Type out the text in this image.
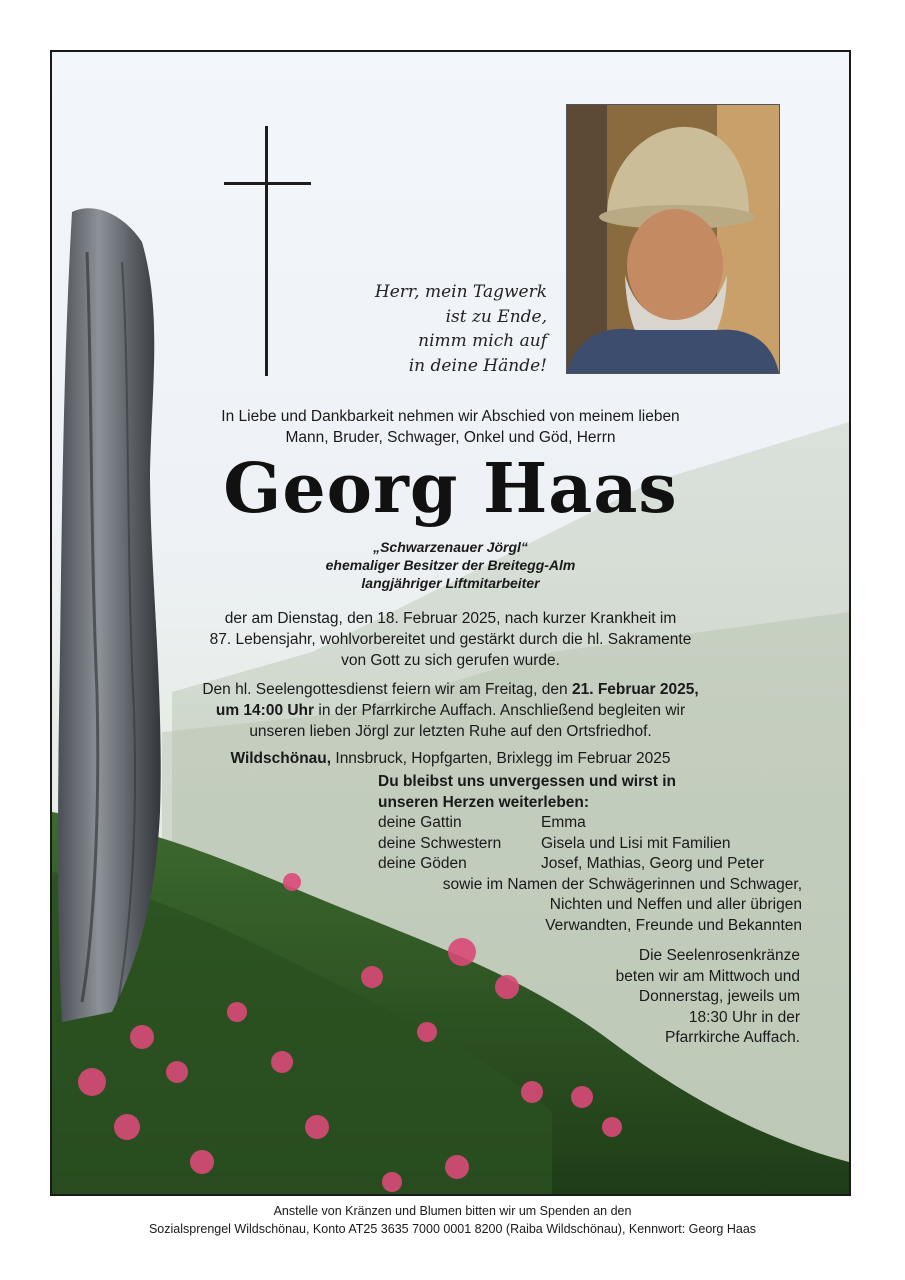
Herr, mein Tagwerk
ist zu Ende,
nimm mich auf
in deine Hände!
In Liebe und Dankbarkeit nehmen wir Abschied von meinem lieben
Mann, Bruder, Schwager, Onkel und Göd, Herrn
Georg Haas
„Schwarzenauer Jörgl“
ehemaliger Besitzer der Breitegg-Alm
langjähriger Liftmitarbeiter
der am Dienstag, den 18. Februar 2025, nach kurzer Krankheit im
87. Lebensjahr, wohlvorbereitet und gestärkt durch die hl. Sakramente
von Gott zu sich gerufen wurde.
Den hl. Seelengottesdienst feiern wir am Freitag, den 21. Februar 2025,
um 14:00 Uhr in der Pfarrkirche Auffach. Anschließend begleiten wir
unseren lieben Jörgl zur letzten Ruhe auf den Ortsfriedhof.
Wildschönau, Innsbruck, Hopfgarten, Brixlegg im Februar 2025
Du bleibst uns unvergessen und wirst in
unseren Herzen weiterleben:
deine Gattin	Emma
deine Schwestern	Gisela und Lisi mit Familien
deine Göden	Josef, Mathias, Georg und Peter
sowie im Namen der Schwägerinnen und Schwager,
Nichten und Neffen und aller übrigen
Verwandten, Freunde und Bekannten
Die Seelenrosenkränze
beten wir am Mittwoch und
Donnerstag, jeweils um
18:30 Uhr in der
Pfarrkirche Auffach.
Anstelle von Kränzen und Blumen bitten wir um Spenden an den
Sozialsprengel Wildschönau, Konto AT25 3635 7000 0001 8200 (Raiba Wildschönau), Kennwort: Georg Haas
